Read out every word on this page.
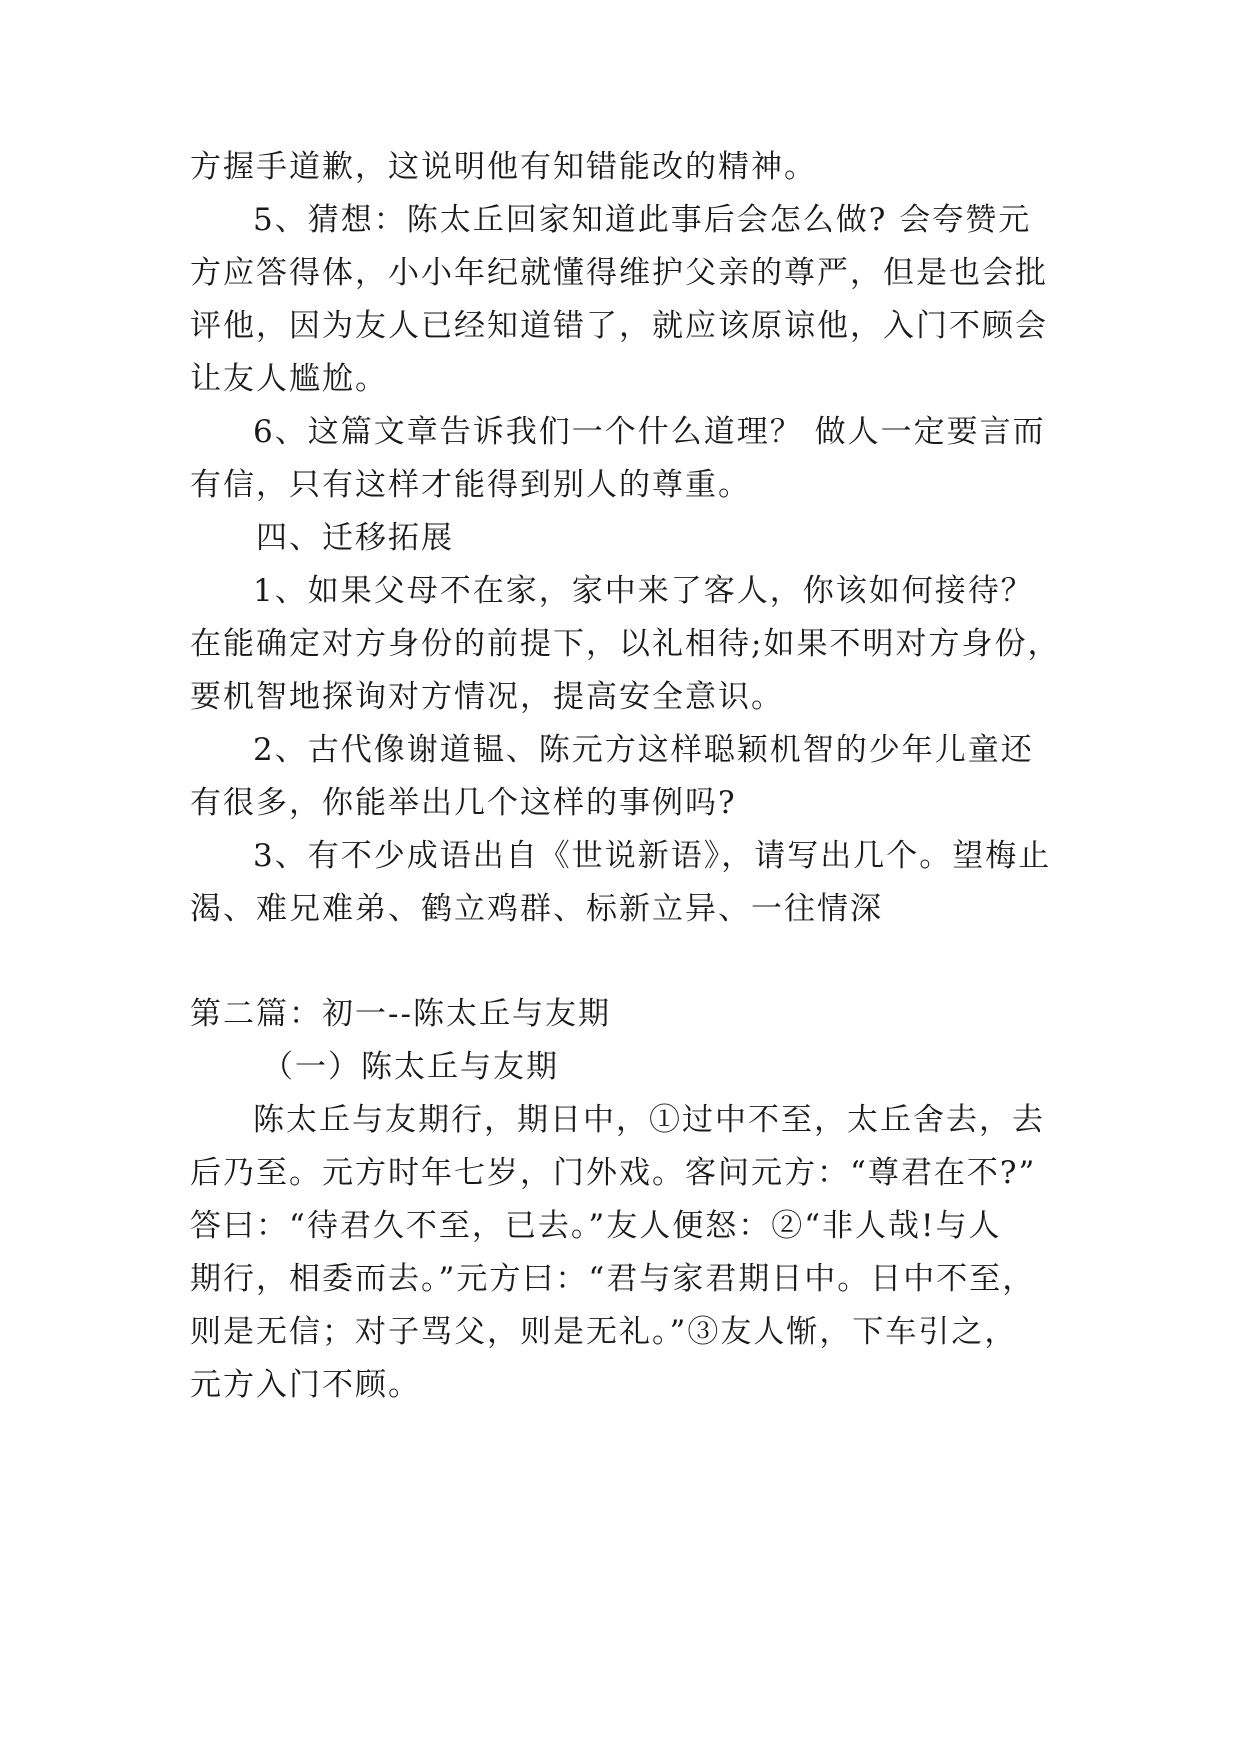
方握手道歉，这说明他有知错能改的精神。
5、猜想：陈太丘回家知道此事后会怎么做? 会夸赞元
方应答得体，小小年纪就懂得维护父亲的尊严，但是也会批
评他，因为友人已经知道错了，就应该原谅他，入门不顾会
让友人尴尬。
6、这篇文章告诉我们一个什么道理？ 做人一定要言而
有信，只有这样才能得到别人的尊重。
四、迁移拓展
1、如果父母不在家，家中来了客人，你该如何接待？
在能确定对方身份的前提下，以礼相待;如果不明对方身份，
要机智地探询对方情况，提高安全意识。
2、古代像谢道韫、陈元方这样聪颖机智的少年儿童还
有很多，你能举出几个这样的事例吗?
3、有不少成语出自《世说新语》，请写出几个。望梅止
渴、难兄难弟、鹤立鸡群、标新立异、一往情深
第二篇：初一--陈太丘与友期
（一）陈太丘与友期
陈太丘与友期行，期日中，①过中不至，太丘舍去，去
后乃至。元方时年七岁，门外戏。客问元方：“尊君在不?”
答曰：“待君久不至，已去。”友人便怒：②“非人哉!与人
期行，相委而去。”元方曰：“君与家君期日中。日中不至，
则是无信；对子骂父，则是无礼。”③友人惭，下车引之，
元方入门不顾。
